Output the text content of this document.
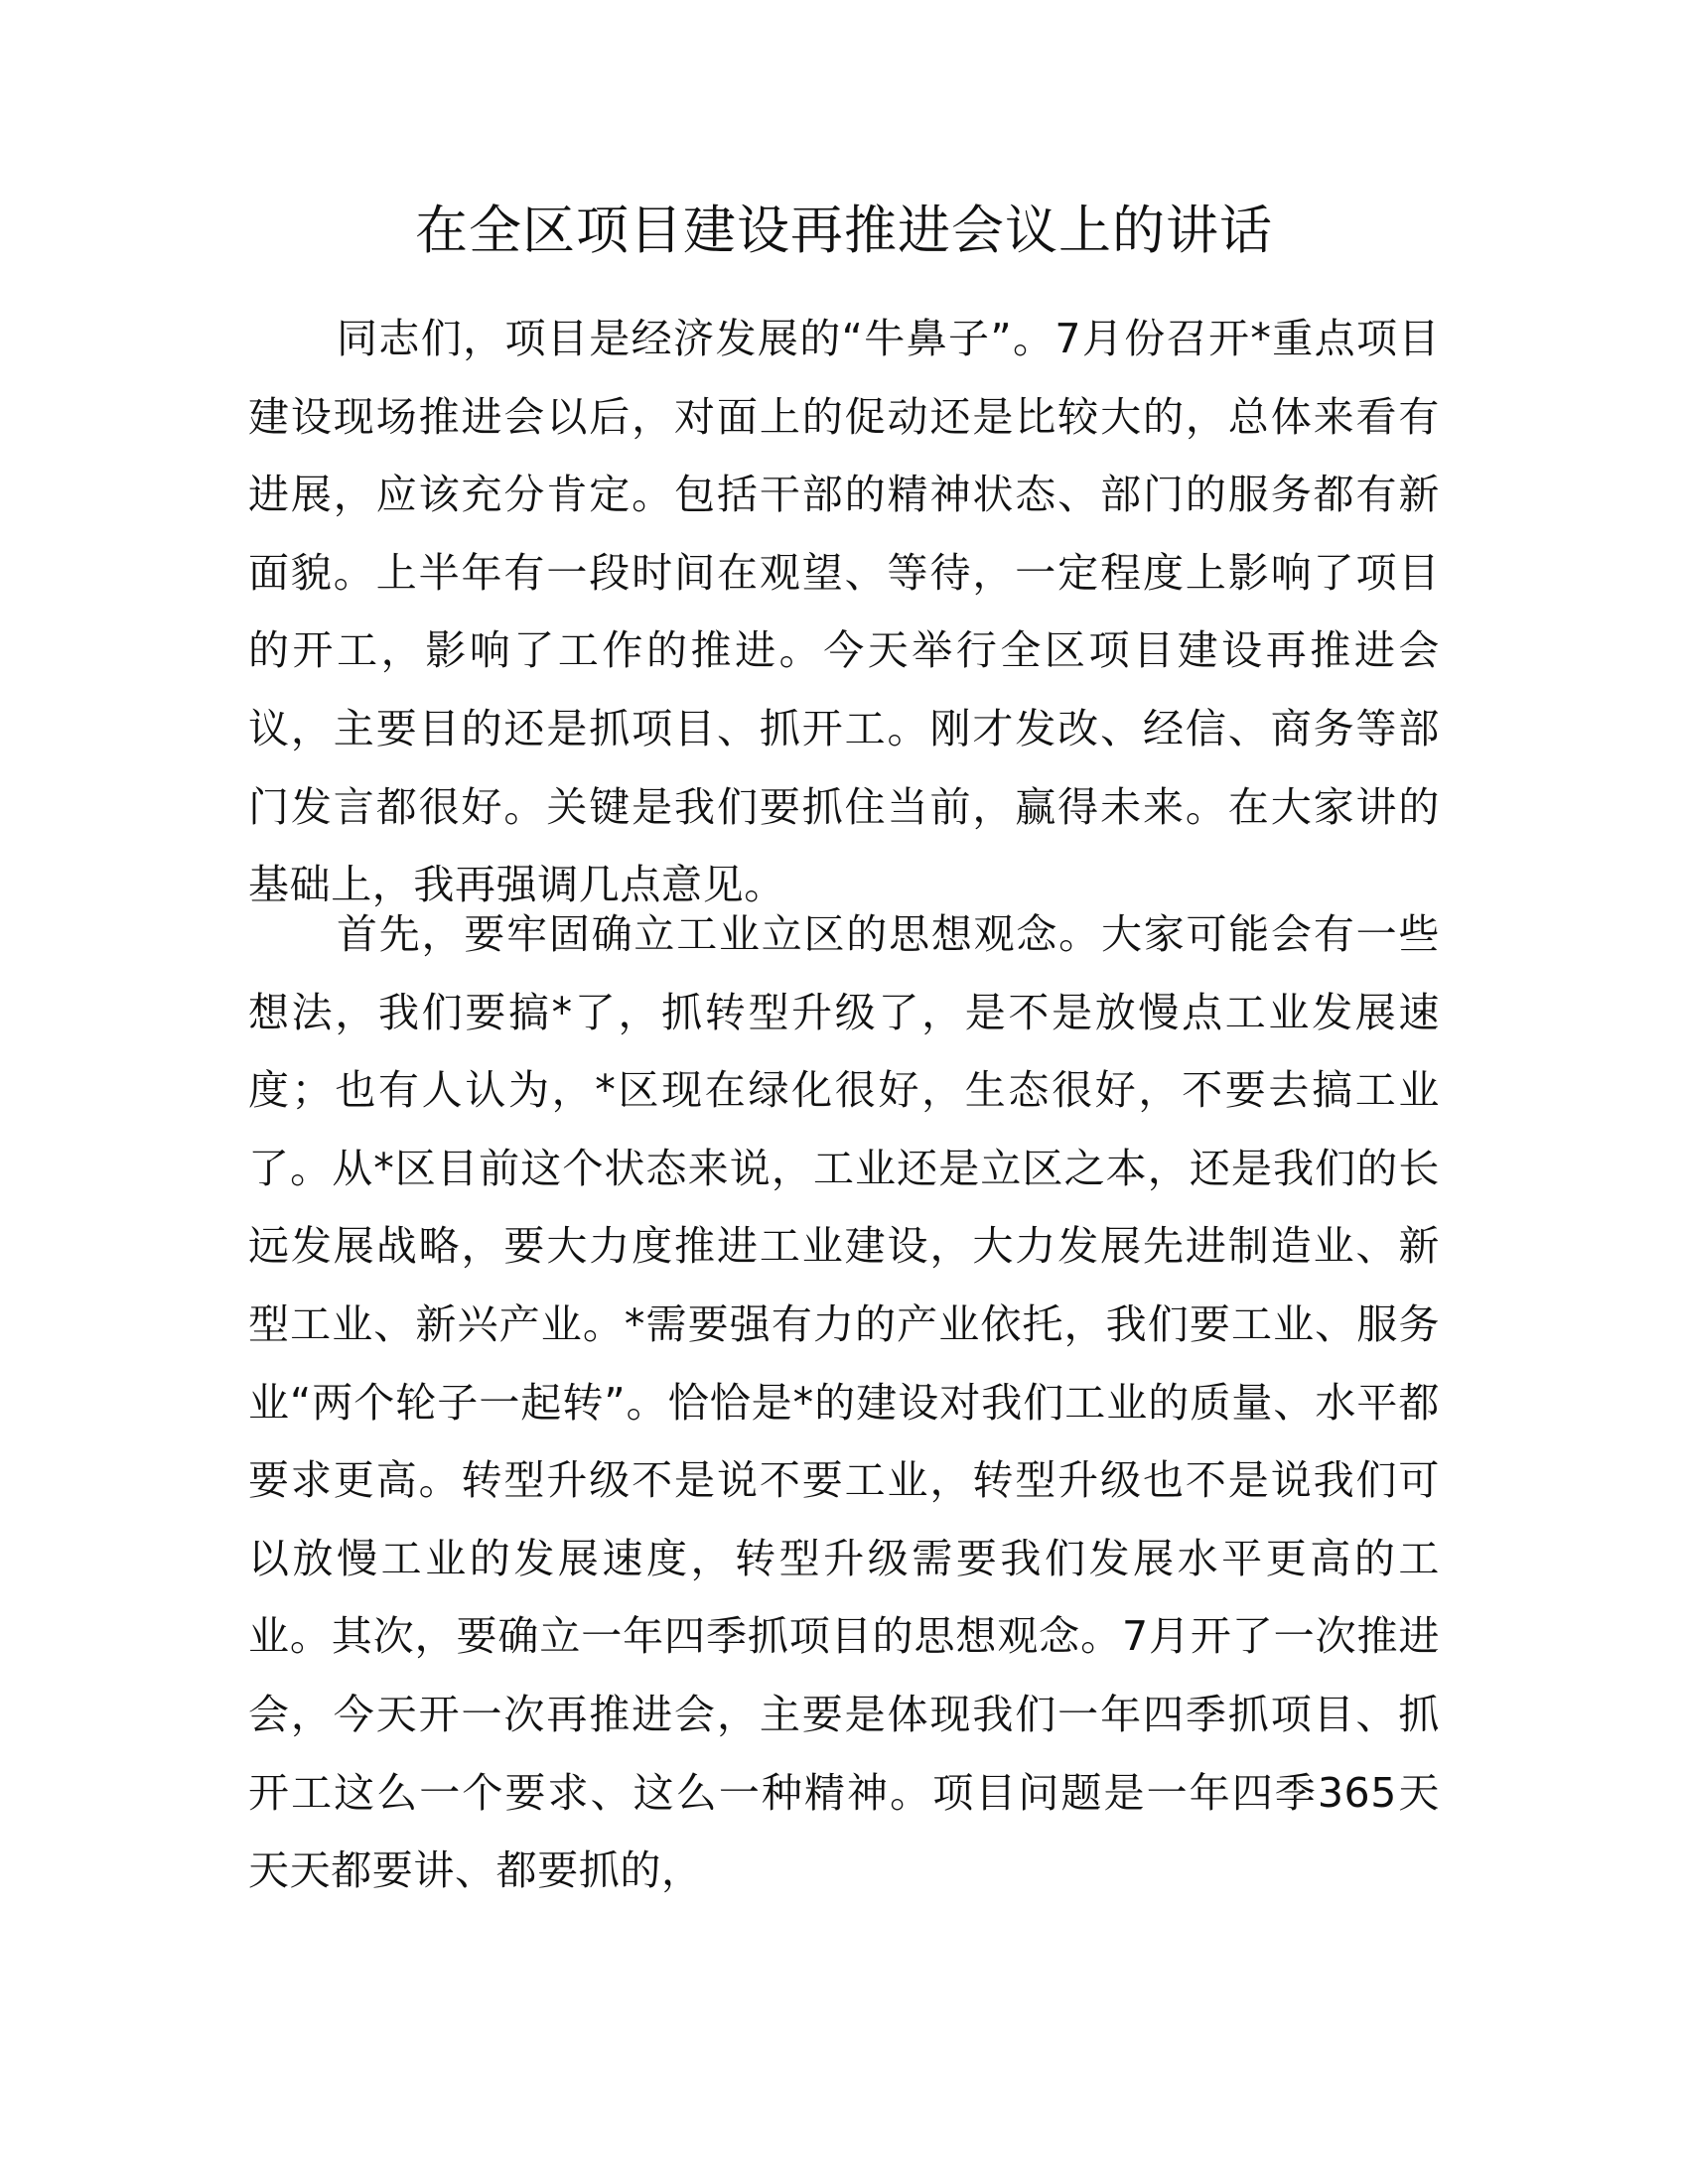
在全区项目建设再推进会议上的讲话

同志们，项目是经济发展的“牛鼻子”。7月份召开*重点项目建设现场推进会以后，对面上的促动还是比较大的，总体来看有进展，应该充分肯定。包括干部的精神状态、部门的服务都有新面貌。上半年有一段时间在观望、等待，一定程度上影响了项目的开工，影响了工作的推进。今天举行全区项目建设再推进会议，主要目的还是抓项目、抓开工。刚才发改、经信、商务等部门发言都很好。关键是我们要抓住当前，赢得未来。在大家讲的基础上，我再强调几点意见。

首先，要牢固确立工业立区的思想观念。大家可能会有一些想法，我们要搞*了，抓转型升级了，是不是放慢点工业发展速度；也有人认为，*区现在绿化很好，生态很好，不要去搞工业了。从*区目前这个状态来说，工业还是立区之本，还是我们的长远发展战略，要大力度推进工业建设，大力发展先进制造业、新型工业、新兴产业。*需要强有力的产业依托，我们要工业、服务业“两个轮子一起转”。恰恰是*的建设对我们工业的质量、水平都要求更高。转型升级不是说不要工业，转型升级也不是说我们可以放慢工业的发展速度，转型升级需要我们发展水平更高的工业。其次，要确立一年四季抓项目的思想观念。7月开了一次推进会，今天开一次再推进会，主要是体现我们一年四季抓项目、抓开工这么一个要求、这么一种精神。项目问题是一年四季365天天天都要讲、都要抓的，
